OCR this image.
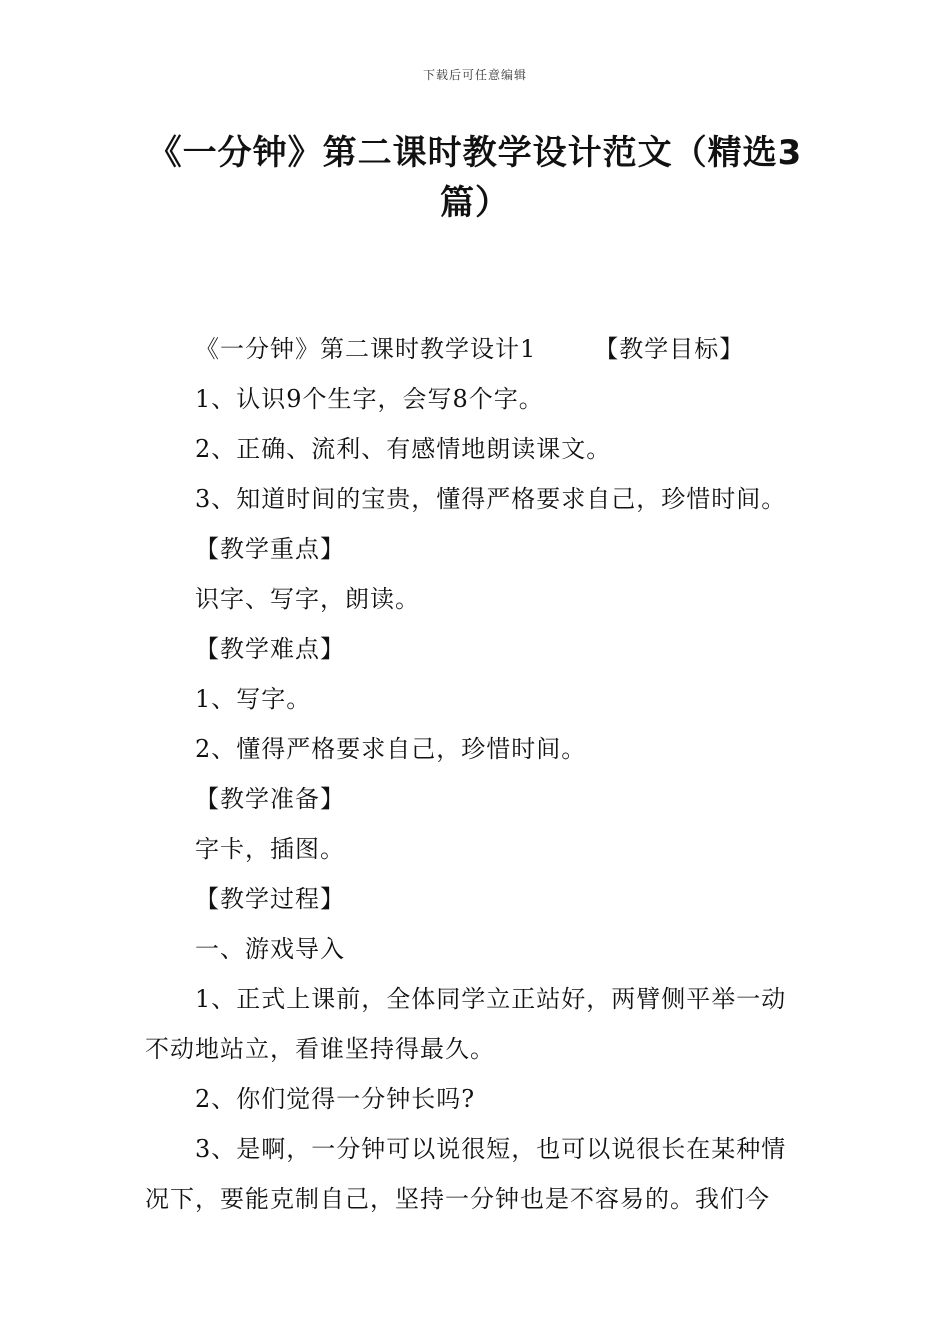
下载后可任意编辑
《一分钟》第二课时教学设计范文（精选3篇）

《一分钟》第二课时教学设计1 【教学目标】

1、认识9个生字，会写8个字。

2、正确、流利、有感情地朗读课文。

3、知道时间的宝贵，懂得严格要求自己，珍惜时间。

【教学重点】

识字、写字，朗读。

【教学难点】

1、写字。

2、懂得严格要求自己，珍惜时间。

【教学准备】

字卡，插图。

【教学过程】

一、游戏导入

1、正式上课前，全体同学立正站好，两臂侧平举一动不动地站立，看谁坚持得最久。

2、你们觉得一分钟长吗?

3、是啊，一分钟可以说很短，也可以说很长在某种情况下，要能克制自己，坚持一分钟也是不容易的。我们今
